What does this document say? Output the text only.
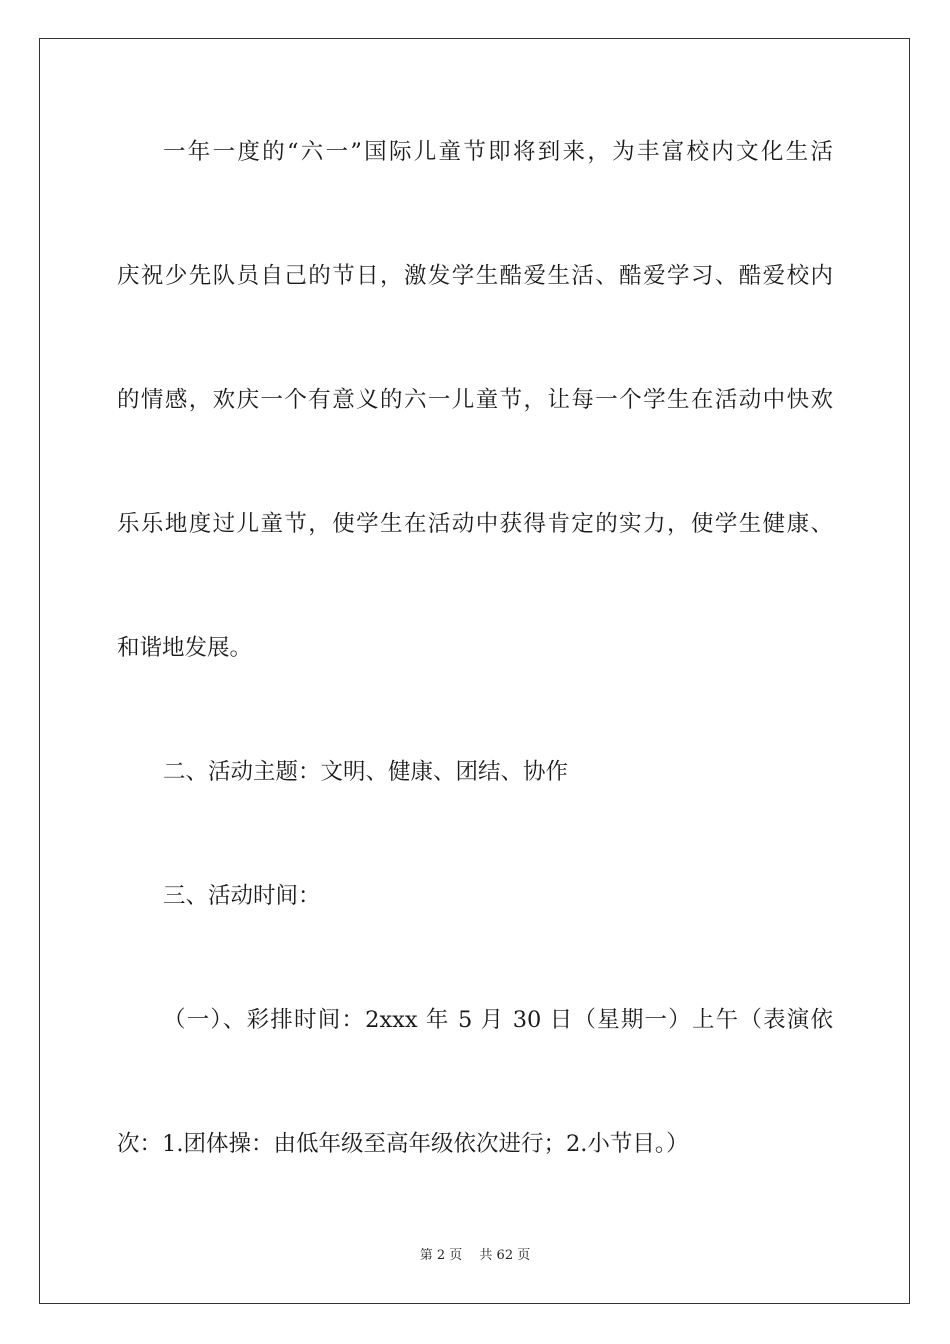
一年一度的“六一”国际儿童节即将到来，为丰富校内文化生活
庆祝少先队员自己的节日，激发学生酷爱生活、酷爱学习、酷爱校内
的情感，欢庆一个有意义的六一儿童节，让每一个学生在活动中快欢
乐乐地度过儿童节，使学生在活动中获得肯定的实力，使学生健康、
和谐地发展。
二、活动主题：文明、健康、团结、协作
三、活动时间：
（一）、彩排时间：2xxx 年 5 月 30 日（星期一）上午（表演依
次：1.团体操：由低年级至高年级依次进行；2.小节目。）
第 2 页　 共 62 页
